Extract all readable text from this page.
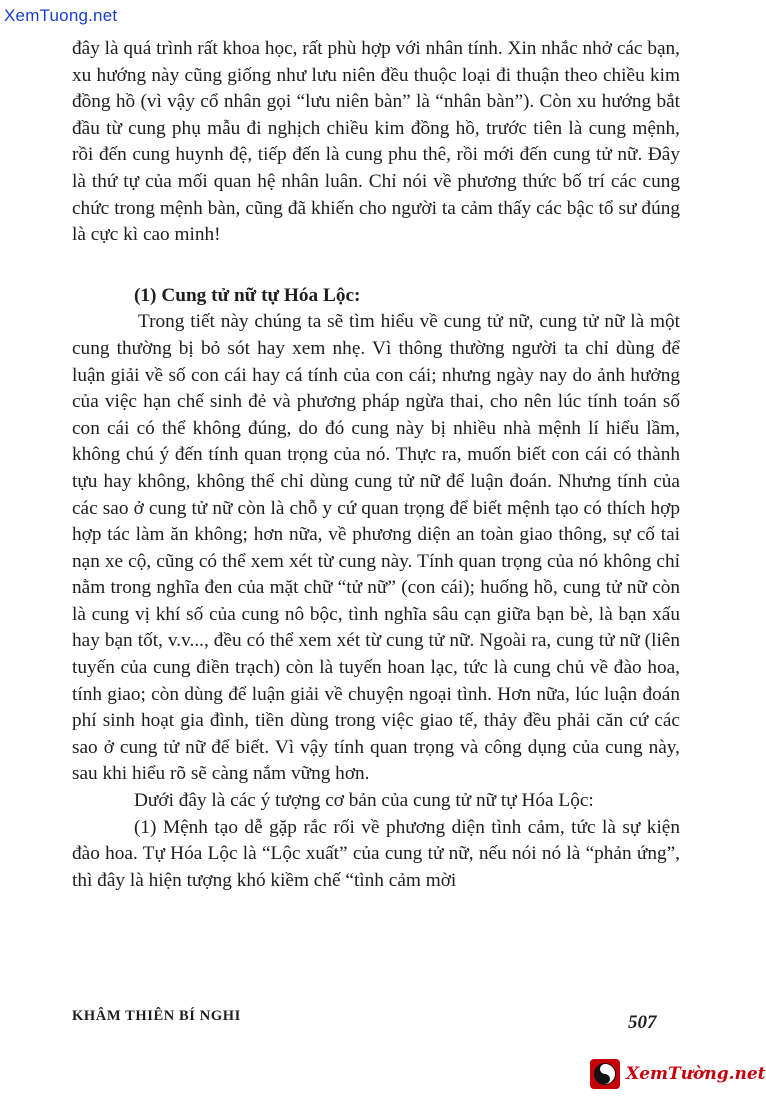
XemTuong.net

đây là quá trình rất khoa học, rất phù hợp với nhân tính. Xin nhắc nhở các bạn, xu hướng này cũng giống như lưu niên đều thuộc loại đi thuận theo chiều kim đồng hồ (vì vậy cổ nhân gọi “lưu niên bàn” là “nhân bàn”). Còn xu hướng bắt đầu từ cung phụ mẫu đi nghịch chiều kim đồng hồ, trước tiên là cung mệnh, rồi đến cung huynh đệ, tiếp đến là cung phu thê, rồi mới đến cung tử nữ. Đây là thứ tự của mối quan hệ nhân luân. Chỉ nói về phương thức bố trí các cung chức trong mệnh bàn, cũng đã khiến cho người ta cảm thấy các bậc tổ sư đúng là cực kì cao minh!

(1) Cung tử nữ tự Hóa Lộc:

Trong tiết này chúng ta sẽ tìm hiểu về cung tử nữ, cung tử nữ là một cung thường bị bỏ sót hay xem nhẹ. Vì thông thường người ta chỉ dùng để luận giải về số con cái hay cá tính của con cái; nhưng ngày nay do ảnh hưởng của việc hạn chế sinh đẻ và phương pháp ngừa thai, cho nên lúc tính toán số con cái có thể không đúng, do đó cung này bị nhiều nhà mệnh lí hiểu lầm, không chú ý đến tính quan trọng của nó. Thực ra, muốn biết con cái có thành tựu hay không, không thể chỉ dùng cung tử nữ để luận đoán. Nhưng tính của các sao ở cung tử nữ còn là chỗ y cứ quan trọng để biết mệnh tạo có thích hợp hợp tác làm ăn không; hơn nữa, về phương diện an toàn giao thông, sự cố tai nạn xe cộ, cũng có thể xem xét từ cung này. Tính quan trọng của nó không chỉ nằm trong nghĩa đen của mặt chữ “tử nữ” (con cái); huống hồ, cung tử nữ còn là cung vị khí số của cung nô bộc, tình nghĩa sâu cạn giữa bạn bè, là bạn xấu hay bạn tốt, v.v..., đều có thể xem xét từ cung tử nữ. Ngoài ra, cung tử nữ (liên tuyến của cung điền trạch) còn là tuyến hoan lạc, tức là cung chủ về đào hoa, tính giao; còn dùng để luận giải về chuyện ngoại tình. Hơn nữa, lúc luận đoán phí sinh hoạt gia đình, tiền dùng trong việc giao tế, thảy đều phải căn cứ các sao ở cung tử nữ để biết. Vì vậy tính quan trọng và công dụng của cung này, sau khi hiểu rõ sẽ càng nắm vững hơn.

Dưới đây là các ý tượng cơ bản của cung tử nữ tự Hóa Lộc:

(1) Mệnh tạo dễ gặp rắc rối về phương diện tình cảm, tức là sự kiện đào hoa. Tự Hóa Lộc là “Lộc xuất” của cung tử nữ, nếu nói nó là “phản ứng”, thì đây là hiện tượng khó kiềm chế “tình cảm mời

KHÂM THIÊN BÍ NGHI	507
XemTường.net
